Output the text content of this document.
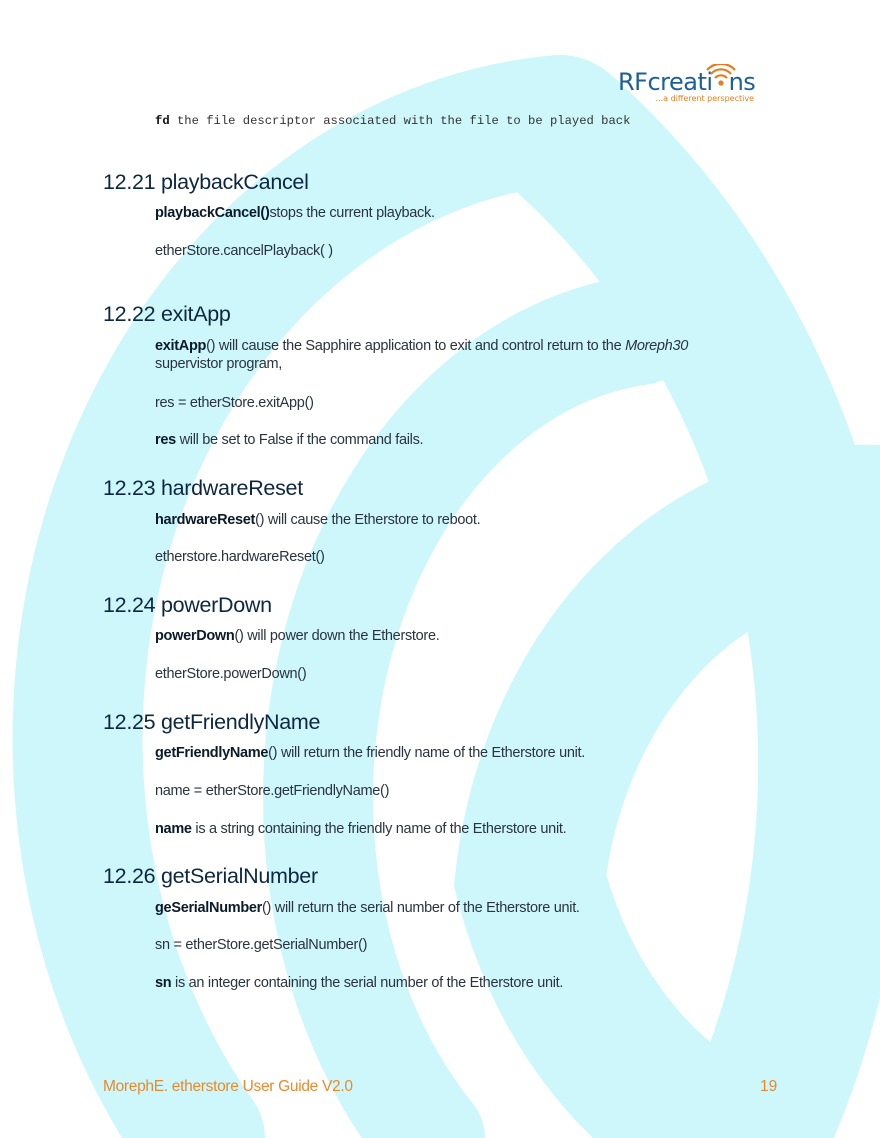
RFcreati ns
...a different perspective
fd the file descriptor associated with the file to be played back
12.21 playbackCancel
playbackCancel()stops the current playback.
etherStore.cancelPlayback( )
12.22 exitApp
exitApp() will cause the Sapphire application to exit and control return to the Moreph30 supervistor program,
res = etherStore.exitApp()
res will be set to False if the command fails.
12.23 hardwareReset
hardwareReset() will cause the Etherstore to reboot.
etherstore.hardwareReset()
12.24 powerDown
powerDown() will power down the Etherstore.
etherStore.powerDown()
12.25 getFriendlyName
getFriendlyName() will return the friendly name of the Etherstore unit.
name = etherStore.getFriendlyName()
name is a string containing the friendly name of the Etherstore unit.
12.26 getSerialNumber
geSerialNumber() will return the serial number of the Etherstore unit.
sn = etherStore.getSerialNumber()
sn is an integer containing the serial number of the Etherstore unit.
MorephE. etherstore User Guide V2.0	19
